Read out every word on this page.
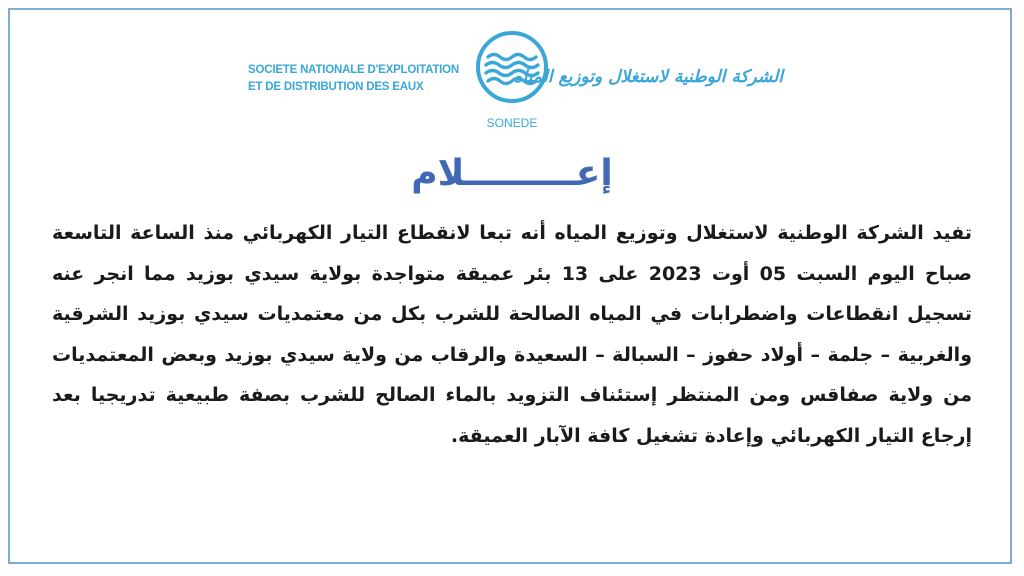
SOCIETE NATIONALE D'EXPLOITATION
ET DE DISTRIBUTION DES EAUX
SONEDE
الشركة الوطنية لاستغلال وتوزيع المياه
إعـــــــــلام
تفيد الشركة الوطنية لاستغلال وتوزيع المياه أنه تبعا لانقطاع التيار الكهربائي منذ الساعة التاسعة صباح اليوم السبت 05 أوت 2023 على 13 بئر عميقة متواجدة بولاية سيدي بوزيد مما انجر عنه تسجيل انقطاعات واضطرابات في المياه الصالحة للشرب بكل من معتمديات سيدي بوزيد الشرقية والغربية – جلمة – أولاد حفوز – السبالة – السعيدة والرقاب من ولاية سيدي بوزيد وبعض المعتمديات من ولاية صفاقس ومن المنتظر إستئناف التزويد بالماء الصالح للشرب بصفة طبيعية تدريجيا بعد إرجاع التيار الكهربائي وإعادة تشغيل كافة الآبار العميقة.
